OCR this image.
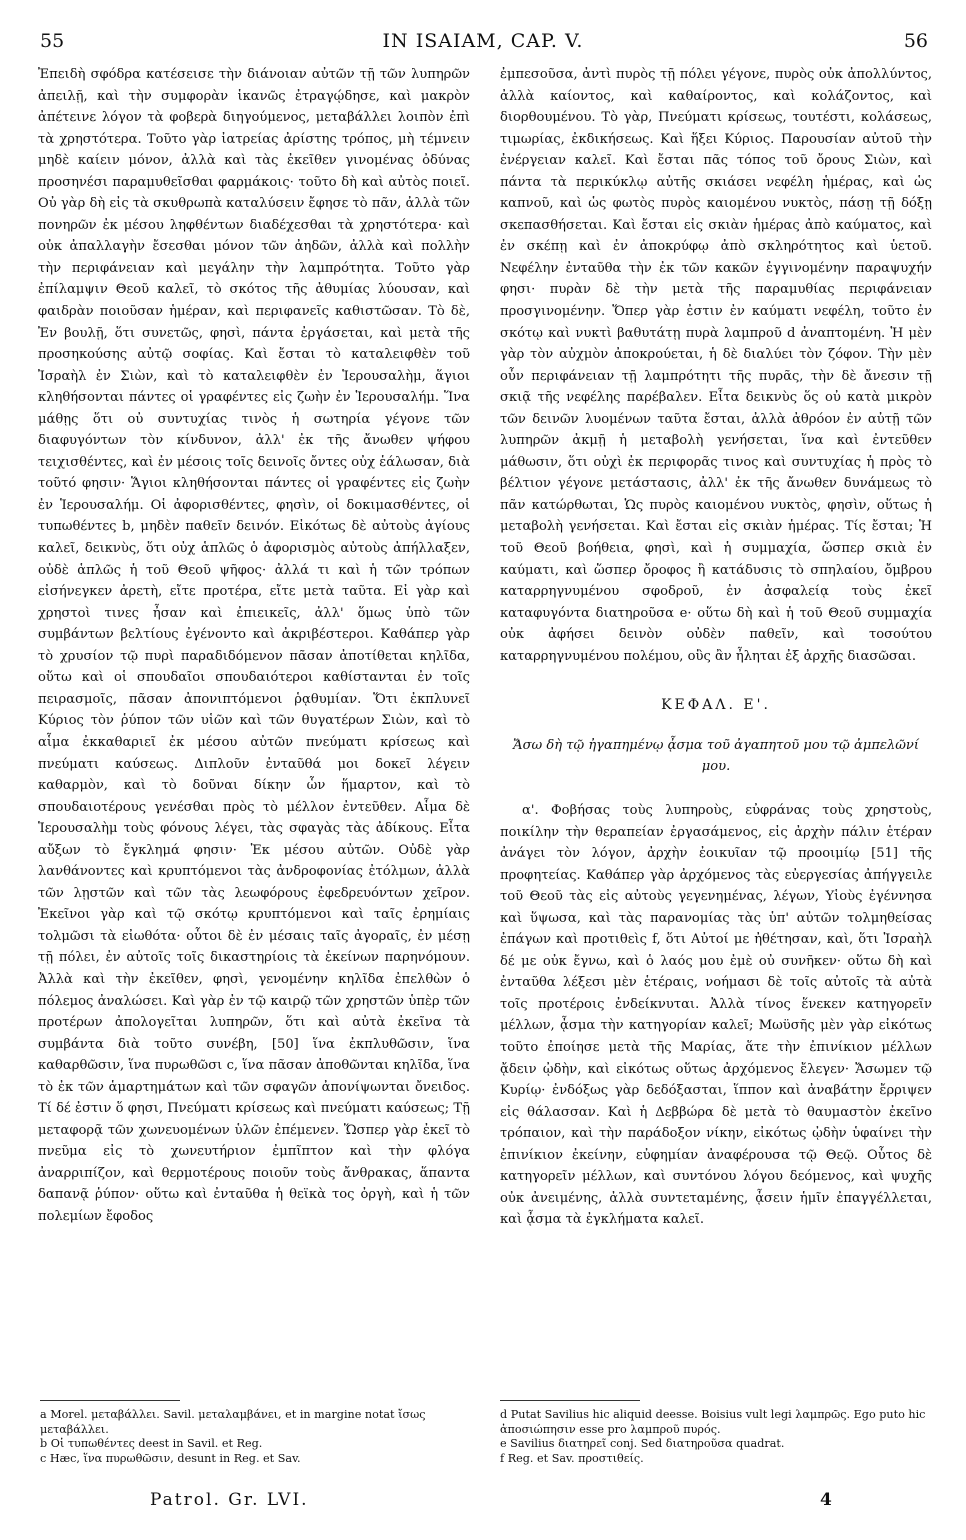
55	IN ISAIAM, CAP. V.	56

Ἐπειδὴ σφόδρα κατέσεισε τὴν διάνοιαν αὐτῶν τῇ τῶν λυπηρῶν ἀπειλῇ, καὶ τὴν συμφορὰν ἱκανῶς ἐτραγῴδησε, καὶ μακρὸν ἀπέτεινε λόγον τὰ φοβερὰ διηγούμενος, μεταβάλλει λοιπὸν ἐπὶ τὰ χρηστότερα. Τοῦτο γὰρ ἰατρείας ἀρίστης τρόπος, μὴ τέμνειν μηδὲ καίειν μόνον, ἀλλὰ καὶ τὰς ἐκεῖθεν γινομένας ὀδύνας προσηνέσι παραμυθεῖσθαι φαρμάκοις· τοῦτο δὴ καὶ αὐτὸς ποιεῖ. Οὐ γὰρ δὴ εἰς τὰ σκυθρωπὰ καταλύσειν ἔφησε τὸ πᾶν, ἀλλὰ τῶν πονηρῶν ἐκ μέσου ληφθέντων διαδέχεσθαι τὰ χρηστότερα· καὶ οὐκ ἀπαλλαγὴν ἔσεσθαι μόνον τῶν ἀηδῶν, ἀλλὰ καὶ πολλὴν τὴν περιφάνειαν καὶ μεγάλην τὴν λαμπρότητα. Τοῦτο γὰρ ἐπίλαμψιν Θεοῦ καλεῖ, τὸ σκότος τῆς ἀθυμίας λύουσαν, καὶ φαιδρὰν ποιοῦσαν ἡμέραν, καὶ περιφανεῖς καθιστῶσαν. Τὸ δὲ, Ἐν βουλῇ, ὅτι συνετῶς, φησὶ, πάντα ἐργάσεται, καὶ μετὰ τῆς προσηκούσης αὐτῷ σοφίας. Καὶ ἔσται τὸ καταλειφθὲν τοῦ Ἰσραὴλ ἐν Σιὼν, καὶ τὸ καταλειφθὲν ἐν Ἱερουσαλὴμ, ἅγιοι κληθήσονται πάντες οἱ γραφέντες εἰς ζωὴν ἐν Ἱερουσαλήμ. Ἵνα μάθῃς ὅτι οὐ συντυχίας τινὸς ἡ σωτηρία γέγονε τῶν διαφυγόντων τὸν κίνδυνον, ἀλλ' ἐκ τῆς ἄνωθεν ψήφου τειχισθέντες, καὶ ἐν μέσοις τοῖς δεινοῖς ὄντες οὐχ ἑάλωσαν, διὰ τοῦτό φησιν· Ἅγιοι κληθήσονται πάντες οἱ γραφέντες εἰς ζωὴν ἐν Ἱερουσαλήμ. Οἱ ἀφορισθέντες, φησὶν, οἱ δοκιμασθέντες, οἱ τυπωθέντες b, μηδὲν παθεῖν δεινόν. Εἰκότως δὲ αὐτοὺς ἁγίους καλεῖ, δεικνὺς, ὅτι οὐχ ἁπλῶς ὁ ἀφορισμὸς αὐτοὺς ἀπήλλαξεν, οὐδὲ ἁπλῶς ἡ τοῦ Θεοῦ ψῆφος· ἀλλά τι καὶ ἡ τῶν τρόπων εἰσήνεγκεν ἀρετὴ, εἴτε προτέρα, εἴτε μετὰ ταῦτα. Εἰ γὰρ καὶ χρηστοὶ τινες ἦσαν καὶ ἐπιεικεῖς, ἀλλ' ὅμως ὑπὸ τῶν συμβάντων βελτίους ἐγένοντο καὶ ἀκριβέστεροι. Καθάπερ γὰρ τὸ χρυσίον τῷ πυρὶ παραδιδόμενον πᾶσαν ἀποτίθεται κηλῖδα, οὕτω καὶ οἱ σπουδαῖοι σπουδαιότεροι καθίστανται ἐν τοῖς πειρασμοῖς, πᾶσαν ἀπονιπτόμενοι ῥᾳθυμίαν. Ὅτι ἐκπλυνεῖ Κύριος τὸν ῥύπον τῶν υἱῶν καὶ τῶν θυγατέρων Σιὼν, καὶ τὸ αἷμα ἐκκαθαριεῖ ἐκ μέσου αὐτῶν πνεύματι κρίσεως καὶ πνεύματι καύσεως. Διπλοῦν ἐνταῦθά μοι δοκεῖ λέγειν καθαρμὸν, καὶ τὸ δοῦναι δίκην ὧν ἥμαρτον, καὶ τὸ σπουδαιοτέρους γενέσθαι πρὸς τὸ μέλλον ἐντεῦθεν. Αἷμα δὲ Ἱερουσαλὴμ τοὺς φόνους λέγει, τὰς σφαγὰς τὰς ἀδίκους. Εἶτα αὔξων τὸ ἔγκλημά φησιν· Ἐκ μέσου αὐτῶν. Οὐδὲ γὰρ λανθάνοντες καὶ κρυπτόμενοι τὰς ἀνδροφονίας ἐτόλμων, ἀλλὰ τῶν λῃστῶν καὶ τῶν τὰς λεωφόρους ἐφεδρευόντων χεῖρον. Ἐκεῖνοι γὰρ καὶ τῷ σκότῳ κρυπτόμενοι καὶ ταῖς ἐρημίαις τολμῶσι τὰ εἰωθότα· οὗτοι δὲ ἐν μέσαις ταῖς ἀγοραῖς, ἐν μέσῃ τῇ πόλει, ἐν αὐτοῖς τοῖς δικαστηρίοις τὰ ἐκείνων παρηνόμουν. Ἀλλὰ καὶ τὴν ἐκεῖθεν, φησὶ, γενομένην κηλῖδα ἐπελθὼν ὁ πόλεμος ἀναλώσει. Καὶ γὰρ ἐν τῷ καιρῷ τῶν χρηστῶν ὑπὲρ τῶν προτέρων ἀπολογεῖται λυπηρῶν, ὅτι καὶ αὐτὰ ἐκεῖνα τὰ συμβάντα διὰ τοῦτο συνέβη, [50] ἵνα ἐκπλυθῶσιν, ἵνα καθαρθῶσιν, ἵνα πυρωθῶσι c, ἵνα πᾶσαν ἀποθῶνται κηλῖδα, ἵνα τὸ ἐκ τῶν ἁμαρτημάτων καὶ τῶν σφαγῶν ἀπονίψωνται ὄνειδος. Τί δέ ἐστιν ὅ φησι, Πνεύματι κρίσεως καὶ πνεύματι καύσεως; Τῇ μεταφορᾷ τῶν χωνευομένων ὑλῶν ἐπέμενεν. Ὥσπερ γὰρ ἐκεῖ τὸ πνεῦμα εἰς τὸ χωνευτήριον ἐμπῖπτον καὶ τὴν φλόγα ἀναρριπίζον, καὶ θερμοτέρους ποιοῦν τοὺς ἄνθρακας, ἅπαντα δαπανᾷ ῥύπον· οὕτω καὶ ἐνταῦθα ἡ θεϊκὰ τος ὀργὴ, καὶ ἡ τῶν πολεμίων ἔφοδος

ἐμπεσοῦσα, ἀντὶ πυρὸς τῇ πόλει γέγονε, πυρὸς οὐκ ἀπολλύντος, ἀλλὰ καίοντος, καὶ καθαίροντος, καὶ κολάζοντος, καὶ διορθουμένου. Τὸ γὰρ, Πνεύματι κρίσεως, τουτέστι, κολάσεως, τιμωρίας, ἐκδικήσεως. Καὶ ἥξει Κύριος. Παρουσίαν αὐτοῦ τὴν ἐνέργειαν καλεῖ. Καὶ ἔσται πᾶς τόπος τοῦ ὄρους Σιὼν, καὶ πάντα τὰ περικύκλῳ αὐτῆς σκιάσει νεφέλη ἡμέρας, καὶ ὡς καπνοῦ, καὶ ὡς φωτὸς πυρὸς καιομένου νυκτὸς, πάσῃ τῇ δόξῃ σκεπασθήσεται. Καὶ ἔσται εἰς σκιὰν ἡμέρας ἀπὸ καύματος, καὶ ἐν σκέπῃ καὶ ἐν ἀποκρύφῳ ἀπὸ σκληρότητος καὶ ὑετοῦ. Νεφέλην ἐνταῦθα τὴν ἐκ τῶν κακῶν ἐγγινομένην παραψυχήν φησι· πυρὰν δὲ τὴν μετὰ τῆς παραμυθίας περιφάνειαν προσγινομένην. Ὅπερ γὰρ ἐστιν ἐν καύματι νεφέλη, τοῦτο ἐν σκότῳ καὶ νυκτὶ βαθυτάτῃ πυρὰ λαμπροῦ d ἀναπτομένη. Ἡ μὲν γὰρ τὸν αὐχμὸν ἀποκρούεται, ἡ δὲ διαλύει τὸν ζόφον. Τὴν μὲν οὖν περιφάνειαν τῇ λαμπρότητι τῆς πυρᾶς, τὴν δὲ ἄνεσιν τῇ σκιᾷ τῆς νεφέλης παρέβαλεν. Εἶτα δεικνὺς ὅς οὐ κατὰ μικρὸν τῶν δεινῶν λυομένων ταῦτα ἔσται, ἀλλὰ ἀθρόον ἐν αὐτῇ τῶν λυπηρῶν ἀκμῇ ἡ μεταβολὴ γενήσεται, ἵνα καὶ ἐντεῦθεν μάθωσιν, ὅτι οὐχὶ ἐκ περιφορᾶς τινος καὶ συντυχίας ἡ πρὸς τὸ βέλτιον γέγονε μετάστασις, ἀλλ' ἐκ τῆς ἄνωθεν δυνάμεως τὸ πᾶν κατώρθωται, Ὡς πυρὸς καιομένου νυκτὸς, φησὶν, οὕτως ἡ μεταβολὴ γενήσεται. Καὶ ἔσται εἰς σκιὰν ἡμέρας. Τίς ἔσται; Ἡ τοῦ Θεοῦ βοήθεια, φησὶ, καὶ ἡ συμμαχία, ὥσπερ σκιὰ ἐν καύματι, καὶ ὥσπερ ὄροφος ἢ κατάδυσις τὸ σπηλαίου, ὄμβρου καταρρηγνυμένου σφοδροῦ, ἐν ἀσφαλείᾳ τοὺς ἐκεῖ καταφυγόντα διατηροῦσα e· οὕτω δὴ καὶ ἡ τοῦ Θεοῦ συμμαχία οὐκ ἀφήσει δεινὸν οὐδὲν παθεῖν, καὶ τοσούτου καταρρηγνυμένου πολέμου, οὓς ἂν ἦληται ἐξ ἀρχῆς διασῶσαι.

ΚΕΦΑΛ. Ε'.
Ἄσω δὴ τῷ ἠγαπημένῳ ᾆσμα τοῦ ἀγαπητοῦ μου τῷ ἀμπελῶνί μου.

α'. Φοβήσας τοὺς λυπηροὺς, εὐφράνας τοὺς χρηστοὺς, ποικίλην τὴν θεραπείαν ἐργασάμενος, εἰς ἀρχὴν πάλιν ἑτέραν ἀνάγει τὸν λόγον, ἀρχὴν ἐοικυῖαν τῷ προοιμίῳ [51] τῆς προφητείας. Καθάπερ γὰρ ἀρχόμενος τὰς εὐεργεσίας ἀπήγγειλε τοῦ Θεοῦ τὰς εἰς αὐτοὺς γεγενημένας, λέγων, Υἱοὺς ἐγέννησα καὶ ὕψωσα, καὶ τὰς παρανομίας τὰς ὑπ' αὐτῶν τολμηθείσας ἐπάγων καὶ προτιθεὶς f, ὅτι Αὐτοί με ἠθέτησαν, καὶ, ὅτι Ἰσραὴλ δέ με οὐκ ἔγνω, καὶ ὁ λαός μου ἐμὲ οὐ συνῆκεν· οὕτω δὴ καὶ ἐνταῦθα λέξεσι μὲν ἑτέραις, νοήμασι δὲ τοῖς αὐτοῖς τὰ αὐτὰ τοῖς προτέροις ἐνδείκνυται. Ἀλλὰ τίνος ἕνεκεν κατηγορεῖν μέλλων, ᾆσμα τὴν κατηγορίαν καλεῖ; Μωϋσῆς μὲν γὰρ εἰκότως τοῦτο ἐποίησε μετὰ τῆς Μαρίας, ἅτε τὴν ἐπινίκιον μέλλων ᾄδειν ᾠδὴν, καὶ εἰκότως οὕτως ἀρχόμενος ἔλεγεν· Ἄσωμεν τῷ Κυρίῳ· ἐνδόξως γὰρ δεδόξασται, ἵππον καὶ ἀναβάτην ἔρριψεν εἰς θάλασσαν. Καὶ ἡ Δεββώρα δὲ μετὰ τὸ θαυμαστὸν ἐκεῖνο τρόπαιον, καὶ τὴν παράδοξον νίκην, εἰκότως ᾠδὴν ὑφαίνει τὴν ἐπινίκιον ἐκείνην, εὐφημίαν ἀναφέρουσα τῷ Θεῷ. Οὗτος δὲ κατηγορεῖν μέλλων, καὶ συντόνου λόγου δεόμενος, καὶ ψυχῆς οὐκ ἀνειμένης, ἀλλὰ συντεταμένης, ᾆσειν ἡμῖν ἐπαγγέλλεται, καὶ ᾆσμα τὰ ἐγκλήματα καλεῖ.

a Morel. μεταβάλλει. Savil. μεταλαμβάνει, et in margine notat ἴσως μεταβάλλει.

b Οἱ τυπωθέντες deest in Savil. et Reg.

c Hæc, ἵνα πυρωθῶσιν, desunt in Reg. et Sav.

d Putat Savilius hic aliquid deesse. Boisius vult legi λαμπρῶς. Ego puto hic ἀποσιώπησιν esse pro λαμπροῦ πυρός.

e Savilius διατηρεῖ conj. Sed διατηροῦσα quadrat.

f Reg. et Sav. προστιθείς.

Patrol. Gr. LVI.	4
